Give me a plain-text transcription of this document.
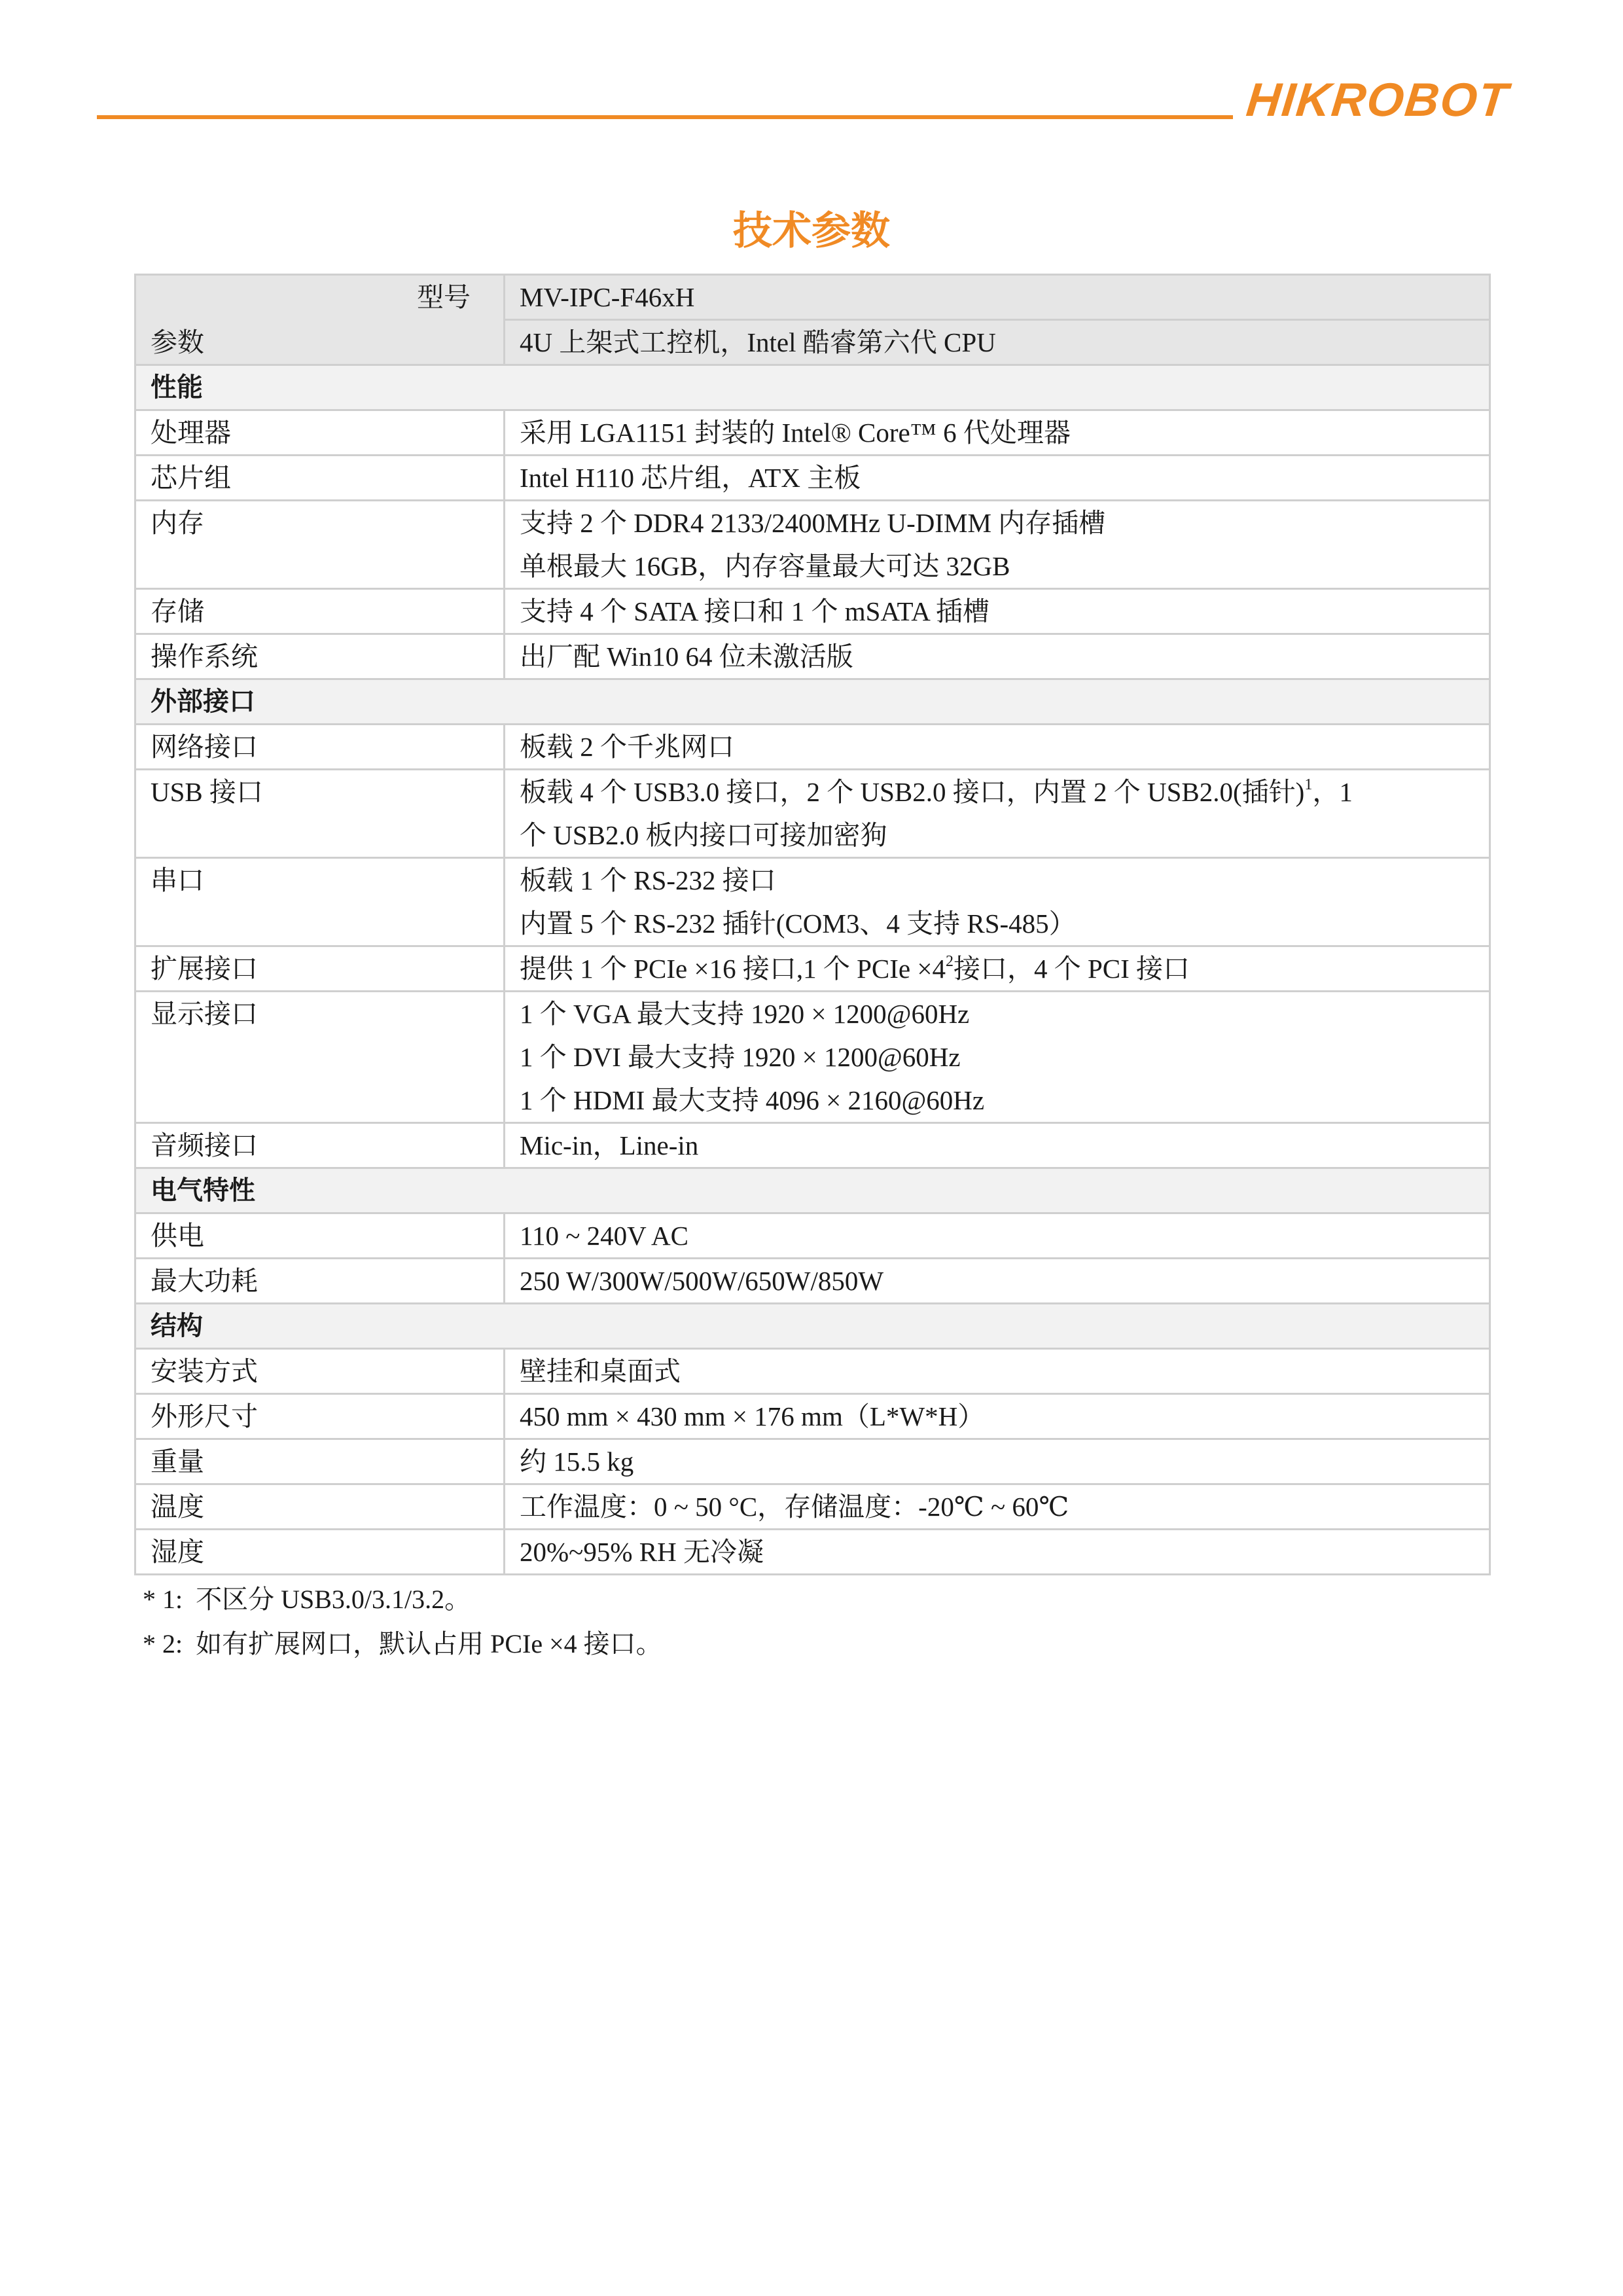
HIKROBOT
技术参数
型号
参数	MV-IPC-F46xH
	4U 上架式工控机，Intel 酷睿第六代 CPU
性能	
处理器	采用 LGA1151 封装的 Intel® Core™ 6 代处理器
芯片组	Intel H110 芯片组，ATX 主板
内存	支持 2 个 DDR4 2133/2400MHz U-DIMM 内存插槽
单根最大 16GB，内存容量最大可达 32GB

存储	支持 4 个 SATA 接口和 1 个 mSATA 插槽
操作系统	出厂配 Win10 64 位未激活版
外部接口	
网络接口	板载 2 个千兆网口
USB 接口	板载 4 个 USB3.0 接口，2 个 USB2.0 接口，内置 2 个 USB2.0(插针)$^1$，1
个 USB2.0 板内接口可接加密狗

串口	板载 1 个 RS-232 接口
内置 5 个 RS-232 插针(COM3、4 支持 RS-485）

扩展接口	提供 1 个 PCIe ×16 接口,1 个 PCIe $\times 4^2$接口，4 个 PCI 接口
显示接口	1 个 VGA 最大支持 1920 × 1200@60Hz
1 个 DVI 最大支持 1920 × 1200@60Hz
1 个 HDMI 最大支持 4096 × 2160@60Hz

音频接口	Mic-in，Line-in
电气特性	
供电	110 ~ 240V AC
最大功耗	250 W/300W/500W/650W/850W
结构	
安装方式	壁挂和桌面式
外形尺寸	450 mm × 430 mm × 176 mm（L*W*H）
重量	约 15.5 kg
温度	工作温度：0 ~ 50 °C，存储温度：-20℃ ~ 60℃
湿度	20%~95% RH 无冷凝
* 1:  不区分 USB3.0/3.1/3.2。
* 2:  如有扩展网口，默认占用 PCIe ×4 接口。
